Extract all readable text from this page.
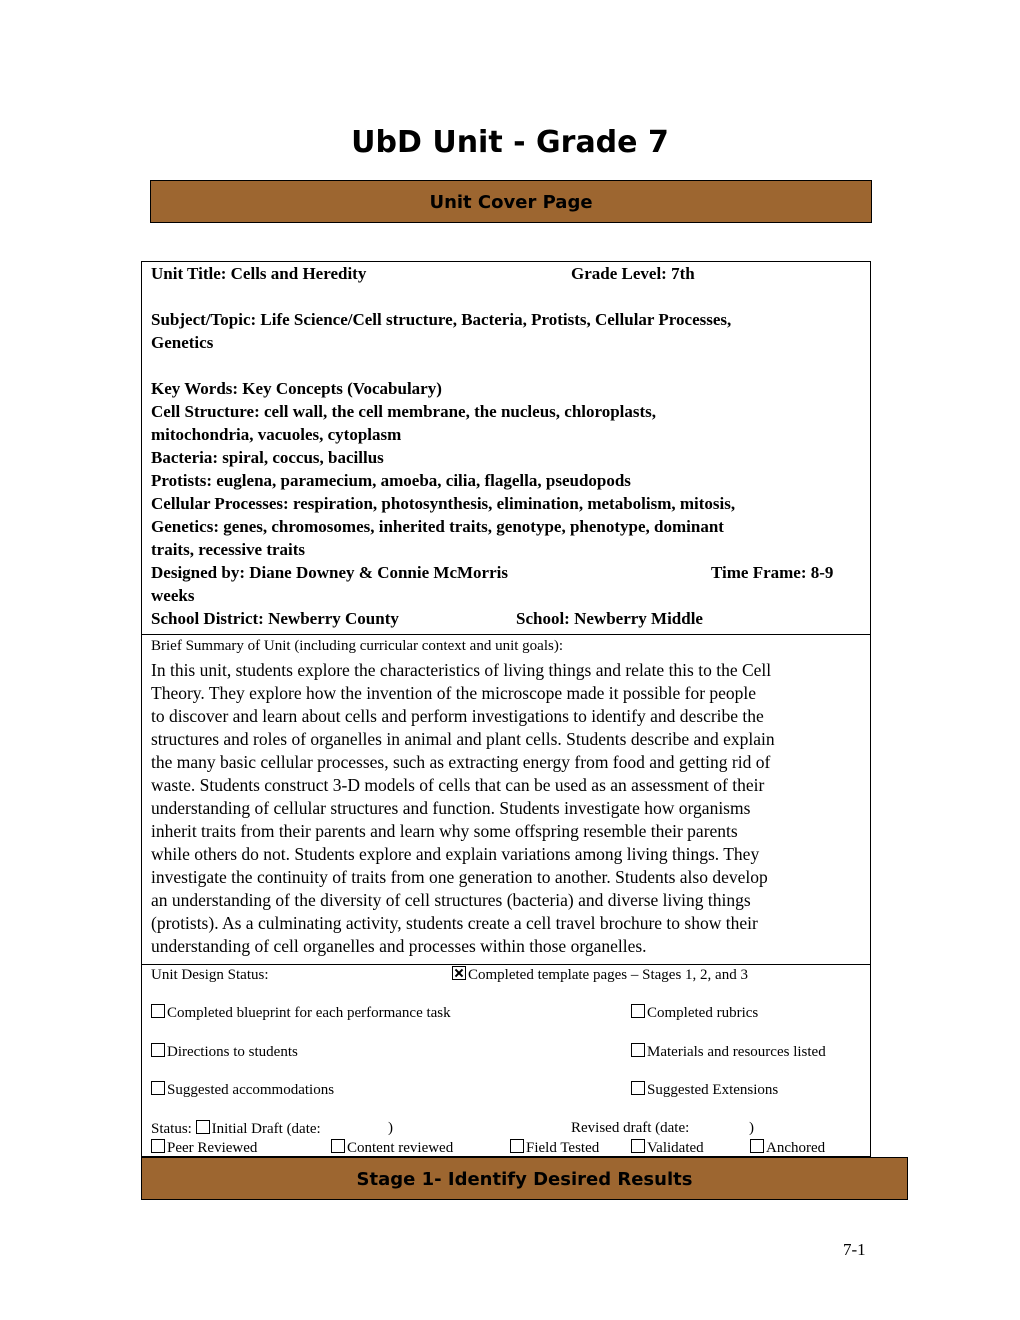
UbD Unit - Grade 7
Unit Cover Page
Unit Title: Cells and Heredity	Grade Level: 7th
Subject/Topic: Life Science/Cell structure, Bacteria, Protists, Cellular Processes,
Genetics
Key Words: Key Concepts (Vocabulary)
Cell Structure: cell wall, the cell membrane, the nucleus, chloroplasts,
mitochondria, vacuoles, cytoplasm
Bacteria: spiral, coccus, bacillus
Protists: euglena, paramecium, amoeba, cilia, flagella, pseudopods
Cellular Processes: respiration, photosynthesis, elimination, metabolism, mitosis,
Genetics: genes, chromosomes, inherited traits, genotype, phenotype, dominant
traits, recessive traits
Designed by: Diane Downey & Connie McMorris	Time Frame: 8-9
weeks
School District: Newberry County	School: Newberry Middle
Brief Summary of Unit (including curricular context and unit goals):
In this unit, students explore the characteristics of living things and relate this to the Cell
Theory. They explore how the invention of the microscope made it possible for people
to discover and learn about cells and perform investigations to identify and describe the
structures and roles of organelles in animal and plant cells. Students describe and explain
the many basic cellular processes, such as extracting energy from food and getting rid of
waste. Students construct 3-D models of cells that can be used as an assessment of their
understanding of cellular structures and function. Students investigate how organisms
inherit traits from their parents and learn why some offspring resemble their parents
while others do not. Students explore and explain variations among living things. They
investigate the continuity of traits from one generation to another. Students also develop
an understanding of the diversity of cell structures (bacteria) and diverse living things
(protists). As a culminating activity, students create a cell travel brochure to show their
understanding of cell organelles and processes within those organelles.
Unit Design Status:	Completed template pages – Stages 1, 2, and 3
Completed blueprint for each performance task	Completed rubrics
Directions to students	Materials and resources listed
Suggested accommodations	Suggested Extensions
Status: Initial Draft (date:	)	Revised draft (date:	)
Peer Reviewed	Content reviewed	Field Tested	Validated	Anchored
Stage 1- Identify Desired Results
7-1
